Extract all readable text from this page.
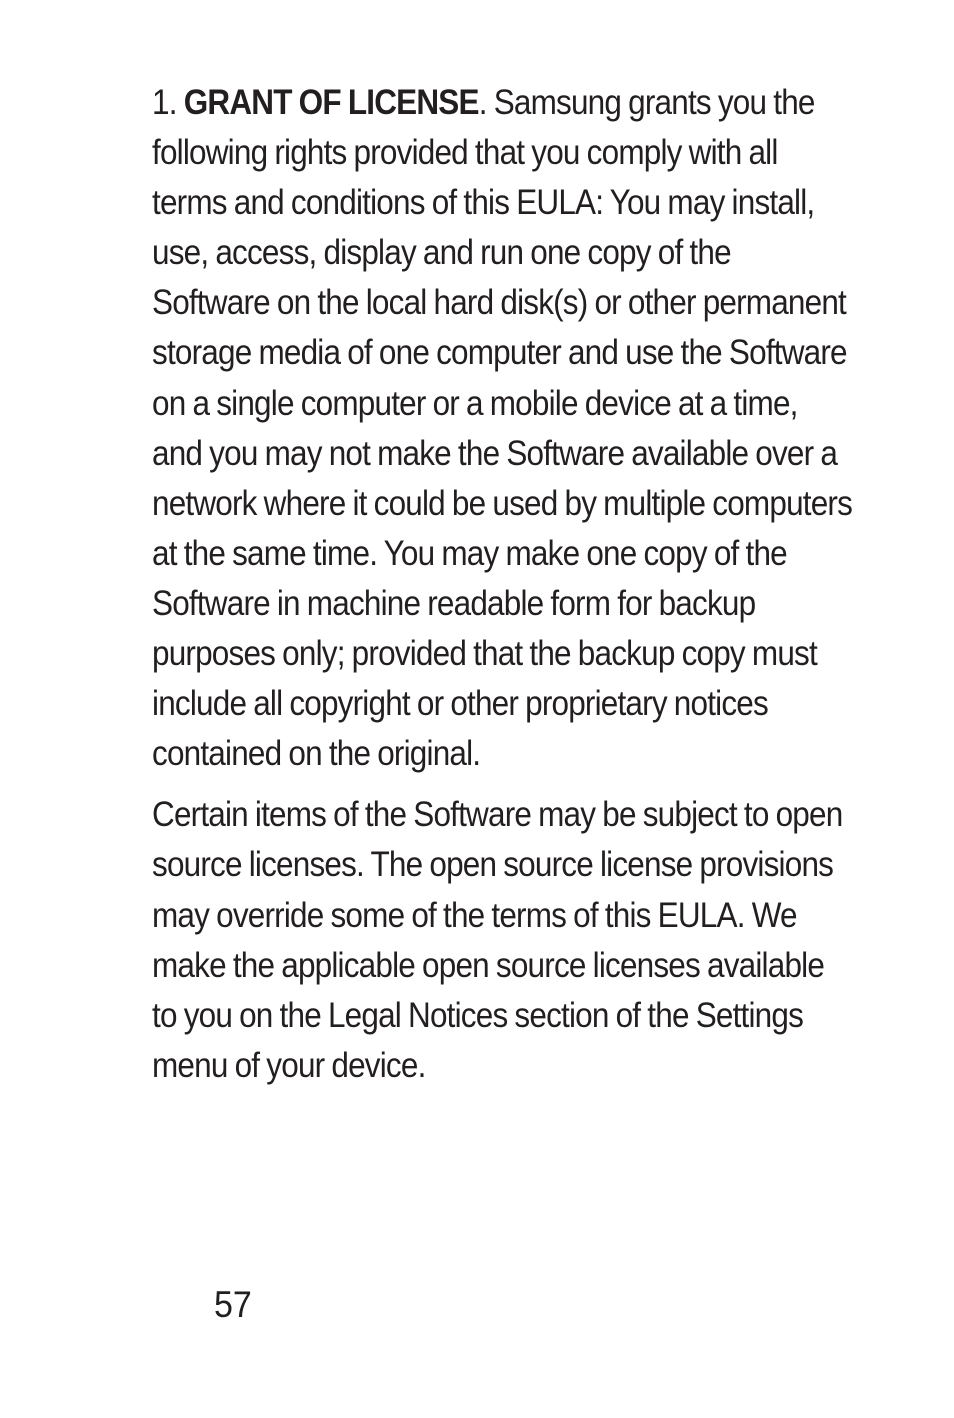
1. GRANT OF LICENSE. Samsung grants you the following rights provided that you comply with all terms and conditions of this EULA: You may install, use, access, display and run one copy of the Software on the local hard disk(s) or other permanent storage media of one computer and use the Software on a single computer or a mobile device at a time, and you may not make the Software available over a network where it could be used by multiple computers at the same time. You may make one copy of the Software in machine readable form for backup purposes only; provided that the backup copy must include all copyright or other proprietary notices contained on the original.

Certain items of the Software may be subject to open source licenses. The open source license provisions may override some of the terms of this EULA. We make the applicable open source licenses available to you on the Legal Notices section of the Settings menu of your device.

57
